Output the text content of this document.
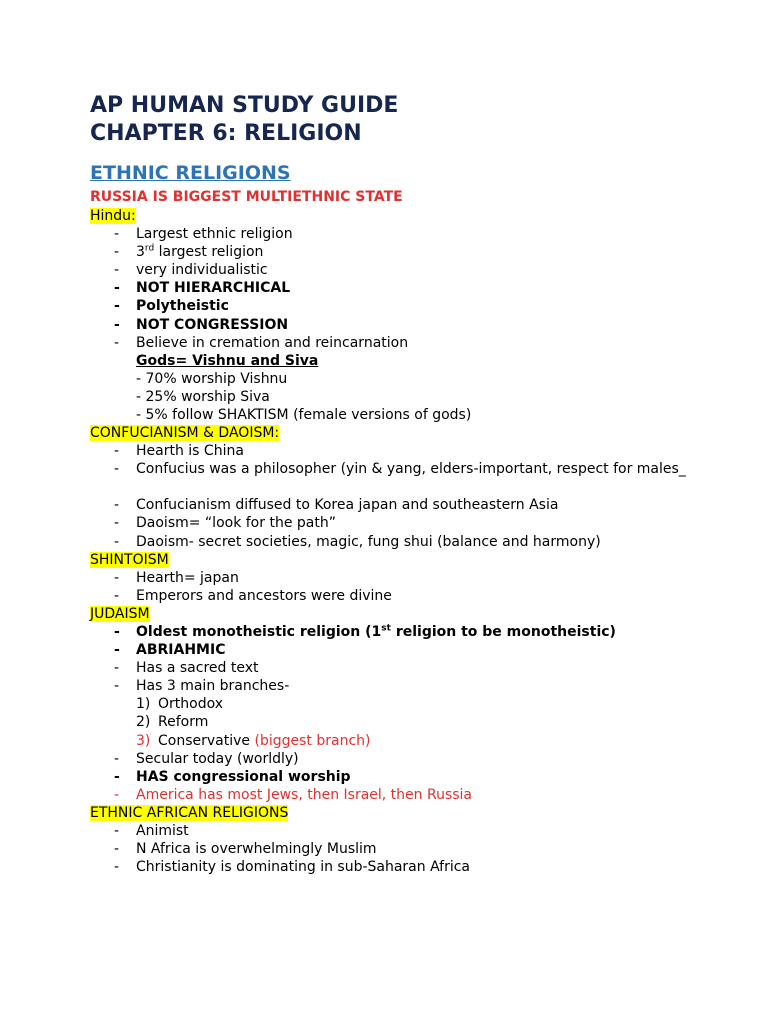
AP HUMAN STUDY GUIDE
CHAPTER 6: RELIGION
ETHNIC RELIGIONS
RUSSIA IS BIGGEST MULTIETHNIC STATE
Hindu:
-	Largest ethnic religion
-	3rd largest religion
-	very individualistic
-	NOT HIERARCHICAL
-	Polytheistic
-	NOT CONGRESSION
-	Believe in cremation and reincarnation
Gods= Vishnu and Siva
- 70% worship Vishnu
- 25% worship Siva
- 5% follow SHAKTISM (female versions of gods)
CONFUCIANISM & DAOISM:
-	Hearth is China
-	Confucius was a philosopher (yin & yang, elders-important, respect for males_
-	Confucianism diffused to Korea japan and southeastern Asia
-	Daoism= “look for the path”
-	Daoism- secret societies, magic, fung shui (balance and harmony)
SHINTOISM
-	Hearth= japan
-	Emperors and ancestors were divine
JUDAISM
-	Oldest monotheistic religion (1st religion to be monotheistic)
-	ABRIAHMIC
-	Has a sacred text
-	Has 3 main branches-
1) Orthodox
2) Reform
3) Conservative (biggest branch)
-	Secular today (worldly)
-	HAS congressional worship
-	America has most Jews, then Israel, then Russia
ETHNIC AFRICAN RELIGIONS
-	Animist
-	N Africa is overwhelmingly Muslim
-	Christianity is dominating in sub-Saharan Africa
